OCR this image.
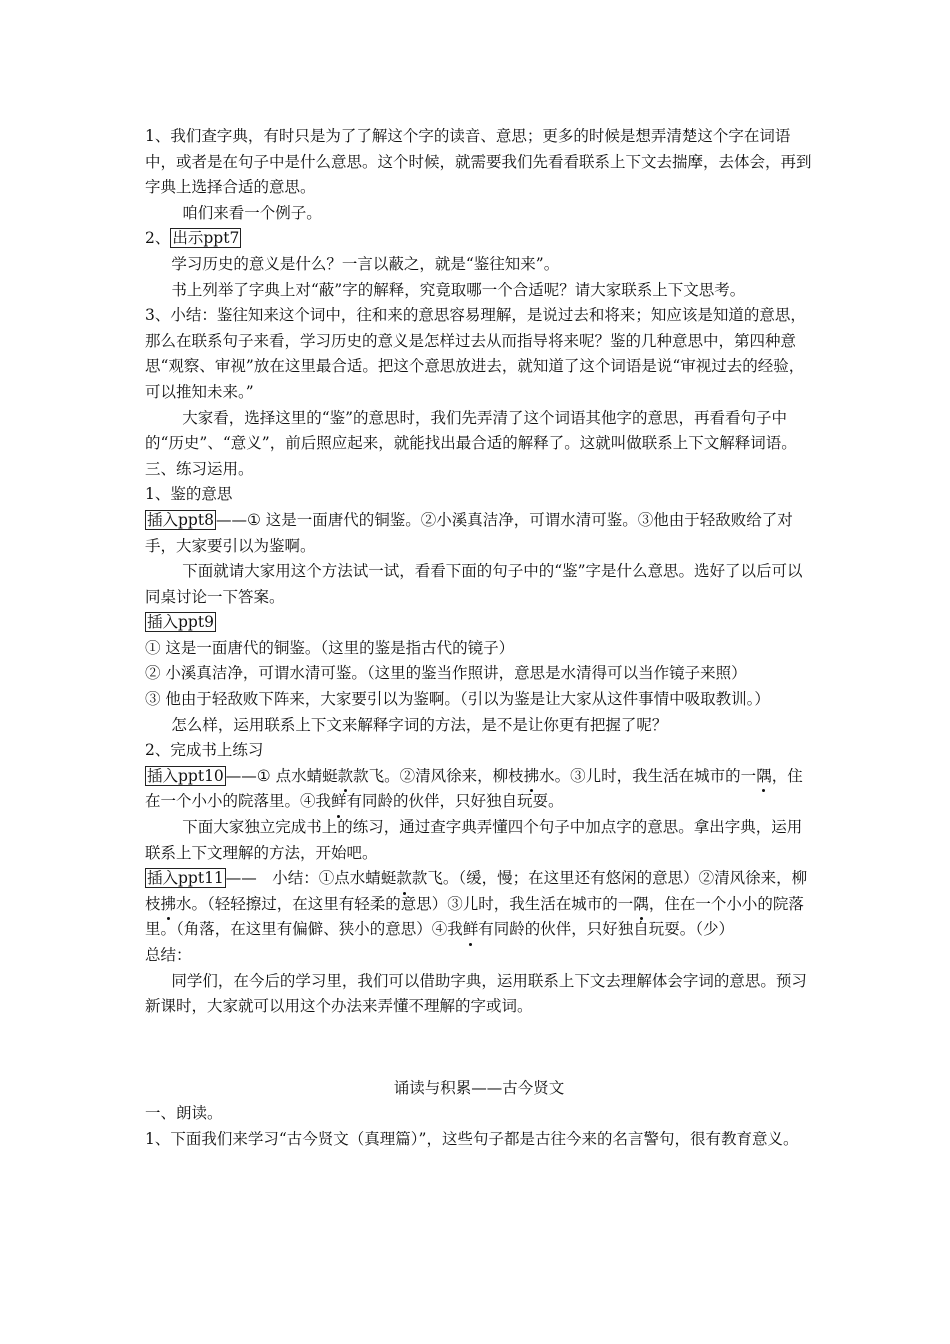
1、我们查字典，有时只是为了了解这个字的读音、意思；更多的时候是想弄清楚这个字在词语中，或者是在句子中是什么意思。这个时候，就需要我们先看看联系上下文去揣摩，去体会，再到字典上选择合适的意思。

咱们来看一个例子。

2、 出示ppt7

学习历史的意义是什么？一言以蔽之，就是“鉴往知来”。

书上列举了字典上对“蔽”字的解释，究竟取哪一个合适呢？请大家联系上下文思考。

3、小结：鉴往知来这个词中，往和来的意思容易理解，是说过去和将来；知应该是知道的意思，那么在联系句子来看，学习历史的意义是怎样过去从而指导将来呢？鉴的几种意思中，第四种意思“观察、审视”放在这里最合适。把这个意思放进去，就知道了这个词语是说“审视过去的经验，可以推知未来。”

大家看，选择这里的“鉴”的意思时，我们先弄清了这个词语其他字的意思，再看看句子中的“历史”、“意义”，前后照应起来，就能找出最合适的解释了。这就叫做联系上下文解释词语。

三、练习运用。

1、鉴的意思

插入ppt8 ——① 这是一面唐代的铜鉴。②小溪真洁净，可谓水清可鉴。③他由于轻敌败给了对手，大家要引以为鉴啊。

下面就请大家用这个方法试一试，看看下面的句子中的“鉴”字是什么意思。选好了以后可以同桌讨论一下答案。

插入ppt9

① 这是一面唐代的铜鉴。（这里的鉴是指古代的镜子）

② 小溪真洁净，可谓水清可鉴。（这里的鉴当作照讲，意思是水清得可以当作镜子来照）

③ 他由于轻敌败下阵来，大家要引以为鉴啊。（引以为鉴是让大家从这件事情中吸取教训。）

怎么样，运用联系上下文来解释字词的方法，是不是让你更有把握了呢？

2、完成书上练习

插入ppt10 ——① 点水蜻蜓款款飞。②清风徐来，柳枝拂水。③儿时，我生活在城市的一隅，住在一个小小的院落里。④我鲜有同龄的伙伴，只好独自玩耍。

下面大家独立完成书上的练习，通过查字典弄懂四个句子中加点字的意思。拿出字典，运用联系上下文理解的方法，开始吧。

插入ppt11 ——　小结：①点水蜻蜓款款飞。（缓，慢；在这里还有悠闲的意思）②清风徐来，柳枝拂水。（轻轻擦过，在这里有轻柔的意思）③儿时，我生活在城市的一隅，住在一个小小的院落里。（角落，在这里有偏僻、狭小的意思）④我鲜有同龄的伙伴，只好独自玩耍。（少）

总结：

同学们，在今后的学习里，我们可以借助字典，运用联系上下文去理解体会字词的意思。预习新课时，大家就可以用这个办法来弄懂不理解的字或词。

诵读与积累——古今贤文

一、朗读。

1、下面我们来学习“古今贤文（真理篇）”，这些句子都是古往今来的名言警句，很有教育意义。
